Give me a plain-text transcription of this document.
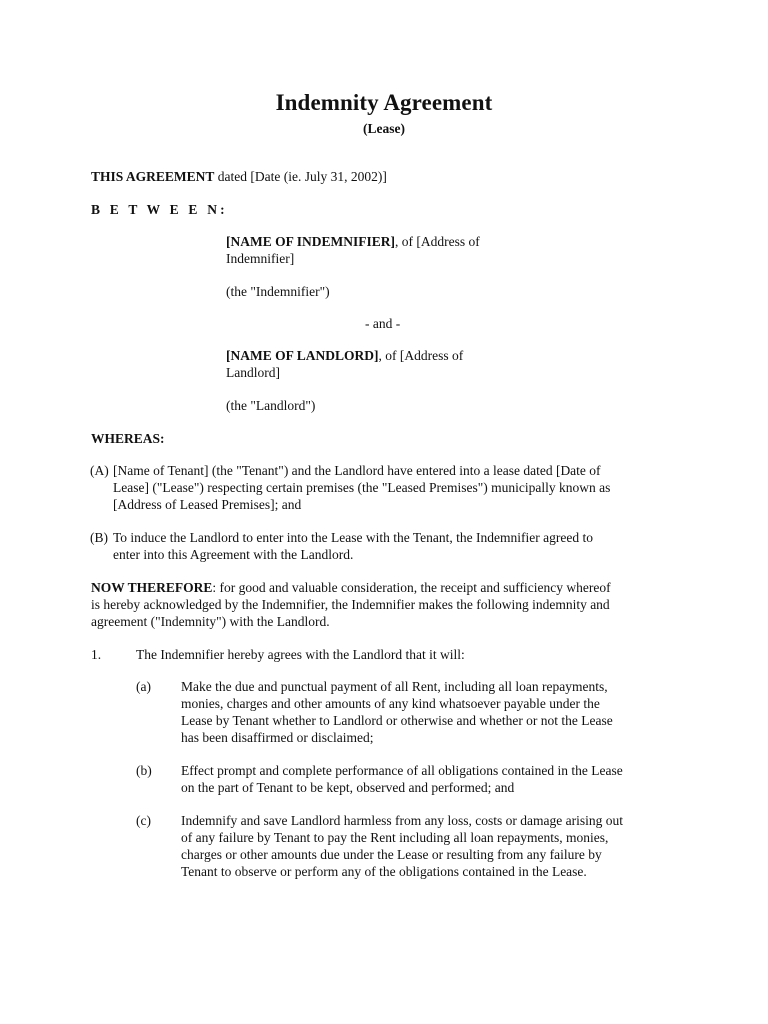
Indemnity Agreement
(Lease)
THIS AGREEMENT dated [Date (ie. July 31, 2002)]
B E T W E E N:
[NAME OF INDEMNIFIER], of [Address of
Indemnifier]
(the "Indemnifier")
- and -
[NAME OF LANDLORD], of [Address of
Landlord]
(the "Landlord")
WHEREAS:
(A) [Name of Tenant] (the "Tenant") and the Landlord have entered into a lease dated [Date of
Lease] ("Lease") respecting certain premises (the "Leased Premises") municipally known as
[Address of Leased Premises]; and
(B) To induce the Landlord to enter into the Lease with the Tenant, the Indemnifier agreed to
enter into this Agreement with the Landlord.
NOW THEREFORE: for good and valuable consideration, the receipt and sufficiency whereof
is hereby acknowledged by the Indemnifier, the Indemnifier makes the following indemnity and
agreement ("Indemnity") with the Landlord.
1.	The Indemnifier hereby agrees with the Landlord that it will:
(a) Make the due and punctual payment of all Rent, including all loan repayments,
monies, charges and other amounts of any kind whatsoever payable under the
Lease by Tenant whether to Landlord or otherwise and whether or not the Lease
has been disaffirmed or disclaimed;
(b) Effect prompt and complete performance of all obligations contained in the Lease
on the part of Tenant to be kept, observed and performed; and
(c) Indemnify and save Landlord harmless from any loss, costs or damage arising out
of any failure by Tenant to pay the Rent including all loan repayments, monies,
charges or other amounts due under the Lease or resulting from any failure by
Tenant to observe or perform any of the obligations contained in the Lease.
